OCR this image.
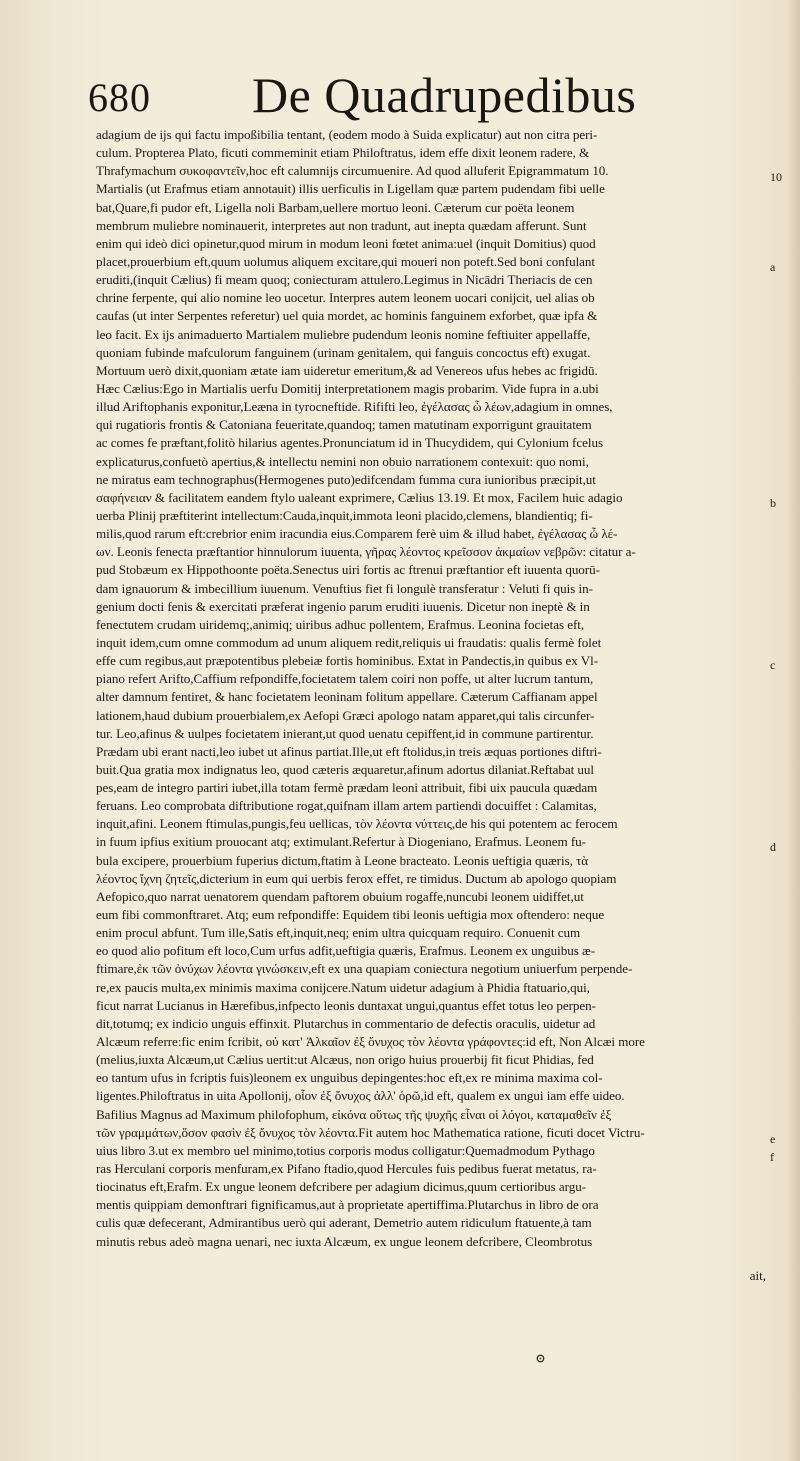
680 De Quadrupedibus
adagium de ijs qui factu impoßibilia tentant, (eodem modo à Suida explicatur) aut non citra peri-
culum. Propterea Plato, ficuti commeminit etiam Philoftratus, idem effe dixit leonem radere, &
Thrafymachum συκοφαντεῖν,hoc eft calumnijs circumuenire. Ad quod alluferit Epigrammatum 10.
Martialis (ut Erafmus etiam annotauit) illis uerficulis in Ligellam quæ partem pudendam fibi uelle
bat,Quare,fi pudor eft, Ligella noli Barbam,uellere mortuo leoni. Cæterum cur poëta leonem
membrum muliebre nominauerit, interpretes aut non tradunt, aut inepta quædam afferunt. Sunt
enim qui ideò dici opinetur,quod mirum in modum leoni fœtet anima:uel (inquit Domitius) quod
placet,prouerbium eft,quum uolumus aliquem excitare,qui moueri non poteft.Sed boni confulant
eruditi,(inquit Cælius) fi meam quoq; coniecturam attulero.Legimus in Nicādri Theriacis de cen
chrine ferpente, qui alio nomine leo uocetur. Interpres autem leonem uocari conijcit, uel alias ob
caufas (ut inter Serpentes referetur) uel quia mordet, ac hominis fanguinem exforbet, quæ ipfa &
leo facit. Ex ijs animaduerto Martialem muliebre pudendum leonis nomine feftiuiter appellaffe,
quoniam fubinde mafculorum fanguinem (urinam genitalem, qui fanguis concoctus eft) exugat.
Mortuum uerò dixit,quoniam ætate iam uideretur emeritum,& ad Venereos ufus hebes ac frigidū.
Hæc Cælius:Ego in Martialis uerfu Domitij interpretationem magis probarim. Vide fupra in a.ubi
illud Ariftophanis exponitur,Leæna in tyrocneftide. Rififti leo, ἐγέλασας ὦ λέων,adagium in omnes,
qui rugatioris frontis & Catoniana feueritate,quandoq; tamen matutinam exporrigunt grauitatem
ac comes fe præftant,folitò hilarius agentes.Pronunciatum id in Thucydidem, qui Cylonium fcelus
explicaturus,confuetò apertius,& intellectu nemini non obuio narrationem contexuit: quo nomi,
ne miratus eam technographus(Hermogenes puto)edifcendam fumma cura iunioribus præcipit,ut
σαφήνειαν & facilitatem eandem ftylo ualeant exprimere, Cælius 13.19. Et mox, Facilem huic adagio
uerba Plinij præftiterint intellectum:Cauda,inquit,immota leoni placido,clemens, blandientiq; fi-
milis,quod rarum eft:crebrior enim iracundia eius.Comparem ferè uim & illud habet, ἐγέλασας ὦ λέ-
ων. Leonis fenecta præftantior hinnulorum iuuenta, γῆρας λέοντος κρεῖσσον ἀκμαίων νεβρῶν: citatur a-
pud Stobæum ex Hippothoonte poëta.Senectus uiri fortis ac ftrenui præftantior eft iuuenta quorū-
dam ignauorum & imbecillium iuuenum. Venuftius fiet fi longulè transferatur : Veluti fi quis in-
genium docti fenis & exercitati præferat ingenio parum eruditi iuuenis. Dicetur non ineptè & in
fenectutem crudam uiridemq;,animiq; uiribus adhuc pollentem, Erafmus. Leonina focietas eft,
inquit idem,cum omne commodum ad unum aliquem redit,reliquis ui fraudatis: qualis fermè folet
effe cum regibus,aut præpotentibus plebeiæ fortis hominibus. Extat in Pandectis,in quibus ex Vl-
piano refert Arifto,Caffium refpondiffe,focietatem talem coiri non poffe, ut alter lucrum tantum,
alter damnum fentiret, & hanc focietatem leoninam folitum appellare. Cæterum Caffianam appel
lationem,haud dubium prouerbialem,ex Aefopi Græci apologo natam apparet,qui talis circunfer-
tur. Leo,afinus & uulpes focietatem inierant,ut quod uenatu cepiffent,id in commune partirentur.
Prædam ubi erant nacti,leo iubet ut afinus partiat.Ille,ut eft ftolidus,in treis æquas portiones diftri-
buit.Qua gratia mox indignatus leo, quod cæteris æquaretur,afinum adortus dilaniat.Reftabat uul
pes,eam de integro partiri iubet,illa totam fermè prædam leoni attribuit, fibi uix paucula quædam
feruans. Leo comprobata diftributione rogat,quifnam illam artem partiendi docuiffet : Calamitas,
inquit,afini. Leonem ftimulas,pungis,feu uellicas, τὸν λέοντα νύττεις,de his qui potentem ac ferocem
in fuum ipfius exitium prouocant atq; extimulant.Refertur à Diogeniano, Erafmus. Leonem fu-
bula excipere, prouerbium fuperius dictum,ftatim à Leone bracteato. Leonis ueftigia quæris, τὰ
λέοντος ἴχνη ζητεῖς,dicterium in eum qui uerbis ferox effet, re timidus. Ductum ab apologo quopiam
Aefopico,quo narrat uenatorem quendam paftorem obuium rogaffe,nuncubi leonem uidiffet,ut
eum fibi commonftraret. Atq; eum refpondiffe: Equidem tibi leonis ueftigia mox oftendero: neque
enim procul abfunt. Tum ille,Satis eft,inquit,neq; enim ultra quicquam requiro. Conuenit cum
eo quod alio pofitum eft loco,Cum urfus adfit,ueftigia quæris, Erafmus. Leonem ex unguibus æ-
ftimare,ἐκ τῶν ὀνύχων λέοντα γινώσκειν,eft ex una quapiam coniectura negotium uniuerfum perpende-
re,ex paucis multa,ex minimis maxima conijcere.Natum uidetur adagium à Phidia ftatuario,qui,
ficut narrat Lucianus in Hærefibus,infpecto leonis duntaxat ungui,quantus effet totus leo perpen-
dit,totumq; ex indicio unguis effinxit. Plutarchus in commentario de defectis oraculis, uidetur ad
Alcæum referre:fic enim fcribit, οὐ κατ' Ἀλκαῖον ἐξ ὄνυχος τὸν λέοντα γράφοντες:id eft, Non Alcæi more
(melius,iuxta Alcæum,ut Cælius uertit:ut Alcæus, non origo huius prouerbij fit ficut Phidias, fed
eo tantum ufus in fcriptis fuis)leonem ex unguibus depingentes:hoc eft,ex re minima maxima col-
ligentes.Philoftratus in uita Apollonij, οἷον ἐξ ὄνυχος ἀλλ' ὁρῶ,id eft, qualem ex ungui iam effe uideo.
Bafilius Magnus ad Maximum philofophum, εἰκόνα οὕτως τῆς ψυχῆς εἶναι οἱ λόγοι, καταμαθεῖν ἐξ
τῶν γραμμάτων,ὅσον φασὶν ἐξ ὄνυχος τὸν λέοντα.Fit autem hoc Mathematica ratione, ficuti docet Victru-
uius libro 3.ut ex membro uel minimo,totius corporis modus colligatur:Quemadmodum Pythago
ras Herculani corporis menfuram,ex Pifano ftadio,quod Hercules fuis pedibus fuerat metatus, ra-
tiocinatus eft,Erafm. Ex ungue leonem defcribere per adagium dicimus,quum certioribus argu-
mentis quippiam demonftrari fignificamus,aut à proprietate apertiffima.Plutarchus in libro de ora
culis quæ defecerant, Admirantibus uerò qui aderant, Demetrio autem ridiculum ftatuente,à tam
minutis rebus adeò magna uenari, nec iuxta Alcæum, ex ungue leonem defcribere, Cleombrotus
10
a
b
c
d
e
f
ait,
